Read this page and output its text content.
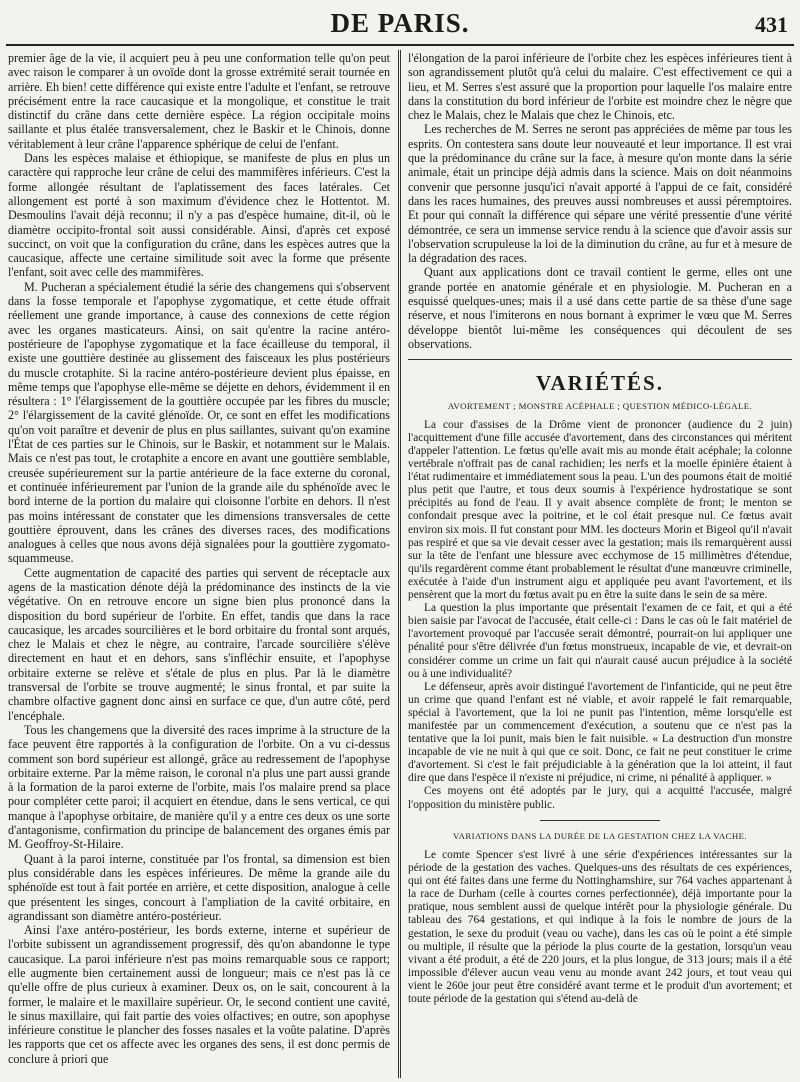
DE PARIS.	431

premier âge de la vie, il acquiert peu à peu une conformation telle qu'on peut avec raison le comparer à un ovoïde dont la grosse extrémité serait tournée en arrière. Eh bien! cette différence qui existe entre l'adulte et l'enfant, se retrouve précisément entre la race caucasique et la mongolique, et constitue le trait distinctif du crâne dans cette dernière espèce. La région occipitale moins saillante et plus étalée transversalement, chez le Baskir et le Chinois, donne véritablement à leur crâne l'apparence sphérique de celui de l'enfant.

Dans les espèces malaise et éthiopique, se manifeste de plus en plus un caractère qui rapproche leur crâne de celui des mammifères inférieurs. C'est la forme allongée résultant de l'aplatissement des faces latérales. Cet allongement est porté à son maximum d'évidence chez le Hottentot. M. Desmoulins l'avait déjà reconnu; il n'y a pas d'espèce humaine, dit-il, où le diamètre occipito-frontal soit aussi considérable. Ainsi, d'après cet exposé succinct, on voit que la configuration du crâne, dans les espèces autres que la caucasique, affecte une certaine similitude soit avec la forme que présente l'enfant, soit avec celle des mammifères.

M. Pucheran a spécialement étudié la série des changemens qui s'observent dans la fosse temporale et l'apophyse zygomatique, et cette étude offrait réellement une grande importance, à cause des connexions de cette région avec les organes masticateurs. Ainsi, on sait qu'entre la racine antéro-postérieure de l'apophyse zygomatique et la face écailleuse du temporal, il existe une gouttière destinée au glissement des faisceaux les plus postérieurs du muscle crotaphite. Si la racine antéro-postérieure devient plus épaisse, en même temps que l'apophyse elle-même se déjette en dehors, évidemment il en résultera : 1° l'élargissement de la gouttière occupée par les fibres du muscle; 2° l'élargissement de la cavité glénoïde. Or, ce sont en effet les modifications qu'on voit paraître et devenir de plus en plus saillantes, suivant qu'on examine l'État de ces parties sur le Chinois, sur le Baskir, et notamment sur le Malais. Mais ce n'est pas tout, le crotaphite a encore en avant une gouttière semblable, creusée supérieurement sur la partie antérieure de la face externe du coronal, et continuée inférieurement par l'union de la grande aile du sphénoïde avec le bord interne de la portion du malaire qui cloisonne l'orbite en dehors. Il n'est pas moins intéressant de constater que les dimensions transversales de cette gouttière éprouvent, dans les crânes des diverses races, des modifications analogues à celles que nous avons déjà signalées pour la gouttière zygomato-squammeuse.

Cette augmentation de capacité des parties qui servent de réceptacle aux agens de la mastication dénote déjà la prédominance des instincts de la vie végétative. On en retrouve encore un signe bien plus prononcé dans la disposition du bord supérieur de l'orbite. En effet, tandis que dans la race caucasique, les arcades sourcilières et le bord orbitaire du frontal sont arqués, chez le Malais et chez le nègre, au contraire, l'arcade sourcilière s'élève directement en haut et en dehors, sans s'infléchir ensuite, et l'apophyse orbitaire externe se relève et s'étale de plus en plus. Par là le diamètre transversal de l'orbite se trouve augmenté; le sinus frontal, et par suite la chambre olfactive gagnent donc ainsi en surface ce que, d'un autre côté, perd l'encéphale.

Tous les changemens que la diversité des races imprime à la structure de la face peuvent être rapportés à la configuration de l'orbite. On a vu ci-dessus comment son bord supérieur est allongé, grâce au redressement de l'apophyse orbitaire externe. Par la même raison, le coronal n'a plus une part aussi grande à la formation de la paroi externe de l'orbite, mais l'os malaire prend sa place pour compléter cette paroi; il acquiert en étendue, dans le sens vertical, ce qui manque à l'apophyse orbitaire, de manière qu'il y a entre ces deux os une sorte d'antagonisme, confirmation du principe de balancement des organes émis par M. Geoffroy-St-Hilaire.

Quant à la paroi interne, constituée par l'os frontal, sa dimension est bien plus considérable dans les espèces inférieures. De même la grande aile du sphénoïde est tout à fait portée en arrière, et cette disposition, analogue à celle que présentent les singes, concourt à l'ampliation de la cavité orbitaire, en agrandissant son diamètre antéro-postérieur.

Ainsi l'axe antéro-postérieur, les bords externe, interne et supérieur de l'orbite subissent un agrandissement progressif, dès qu'on abandonne le type caucasique. La paroi inférieure n'est pas moins remarquable sous ce rapport; elle augmente bien certainement aussi de longueur; mais ce n'est pas là ce qu'elle offre de plus curieux à examiner. Deux os, on le sait, concourent à la former, le malaire et le maxillaire supérieur. Or, le second contient une cavité, le sinus maxillaire, qui fait partie des voies olfactives; en outre, son apophyse inférieure constitue le plancher des fosses nasales et la voûte palatine. D'après les rapports que cet os affecte avec les organes des sens, il est donc permis de conclure à priori que

l'élongation de la paroi inférieure de l'orbite chez les espèces inférieures tient à son agrandissement plutôt qu'à celui du malaire. C'est effectivement ce qui a lieu, et M. Serres s'est assuré que la proportion pour laquelle l'os malaire entre dans la constitution du bord inférieur de l'orbite est moindre chez le nègre que chez le Malais, chez le Malais que chez le Chinois, etc.

Les recherches de M. Serres ne seront pas appréciées de même par tous les esprits. On contestera sans doute leur nouveauté et leur importance. Il est vrai que la prédominance du crâne sur la face, à mesure qu'on monte dans la série animale, était un principe déjà admis dans la science. Mais on doit néanmoins convenir que personne jusqu'ici n'avait apporté à l'appui de ce fait, considéré dans les races humaines, des preuves aussi nombreuses et aussi péremptoires. Et pour qui connaît la différence qui sépare une vérité pressentie d'une vérité démontrée, ce sera un immense service rendu à la science que d'avoir assis sur l'observation scrupuleuse la loi de la diminution du crâne, au fur et à mesure de la dégradation des races.

Quant aux applications dont ce travail contient le germe, elles ont une grande portée en anatomie générale et en physiologie. M. Pucheran en a esquissé quelques-unes; mais il a usé dans cette partie de sa thèse d'une sage réserve, et nous l'imiterons en nous bornant à exprimer le vœu que M. Serres développe bientôt lui-même les conséquences qui découlent de ses observations.

VARIÉTÉS.
AVORTEMENT ; MONSTRE ACÉPHALE ; QUESTION MÉDICO-LÉGALE.

La cour d'assises de la Drôme vient de prononcer (audience du 2 juin) l'acquittement d'une fille accusée d'avortement, dans des circonstances qui méritent d'appeler l'attention. Le fœtus qu'elle avait mis au monde était acéphale; la colonne vertébrale n'offrait pas de canal rachidien; les nerfs et la moelle épinière étaient à l'état rudimentaire et immédiatement sous la peau. L'un des poumons était de moitié plus petit que l'autre, et tous deux soumis à l'expérience hydrostatique se sont précipités au fond de l'eau. Il y avait absence complète de front; le menton se confondait presque avec la poitrine, et le col était presque nul. Ce fœtus avait environ six mois. Il fut constant pour MM. les docteurs Morin et Bigeol qu'il n'avait pas respiré et que sa vie devait cesser avec la gestation; mais ils remarquèrent aussi sur la tête de l'enfant une blessure avec ecchymose de 15 millimètres d'étendue, qu'ils regardèrent comme étant probablement le résultat d'une manœuvre criminelle, exécutée à l'aide d'un instrument aigu et appliquée peu avant l'avortement, et ils pensèrent que la mort du fœtus avait pu en être la suite dans le sein de sa mère.

La question la plus importante que présentait l'examen de ce fait, et qui a été bien saisie par l'avocat de l'accusée, était celle-ci : Dans le cas où le fait matériel de l'avortement provoqué par l'accusée serait démontré, pourrait-on lui appliquer une pénalité pour s'être délivrée d'un fœtus monstrueux, incapable de vie, et devrait-on considérer comme un crime un fait qui n'aurait causé aucun préjudice à la société ou à une individualité?

Le défenseur, après avoir distingué l'avortement de l'infanticide, qui ne peut être un crime que quand l'enfant est né viable, et avoir rappelé le fait remarquable, spécial à l'avortement, que la loi ne punit pas l'intention, même lorsqu'elle est manifestée par un commencement d'exécution, a soutenu que ce n'est pas la tentative que la loi punit, mais bien le fait nuisible. « La destruction d'un monstre incapable de vie ne nuit à qui que ce soit. Donc, ce fait ne peut constituer le crime d'avortement. Si c'est le fait préjudiciable à la génération que la loi atteint, il faut dire que dans l'espèce il n'existe ni préjudice, ni crime, ni pénalité à appliquer. »

Ces moyens ont été adoptés par le jury, qui a acquitté l'accusée, malgré l'opposition du ministère public.

VARIATIONS DANS LA DURÉE DE LA GESTATION CHEZ LA VACHE.

Le comte Spencer s'est livré à une série d'expériences intéressantes sur la période de la gestation des vaches. Quelques-uns des résultats de ces expériences, qui ont été faites dans une ferme du Nottinghamshire, sur 764 vaches appartenant à la race de Durham (celle à courtes cornes perfectionnée), déjà importante pour la pratique, nous semblent aussi de quelque intérêt pour la physiologie générale. Du tableau des 764 gestations, et qui indique à la fois le nombre de jours de la gestation, le sexe du produit (veau ou vache), dans les cas où le point a été simple ou multiple, il résulte que la période la plus courte de la gestation, lorsqu'un veau vivant a été produit, a été de 220 jours, et la plus longue, de 313 jours; mais il a été impossible d'élever aucun veau venu au monde avant 242 jours, et tout veau qui vient le 260e jour peut être considéré avant terme et le produit d'un avortement; et toute période de la gestation qui s'étend au-delà de
